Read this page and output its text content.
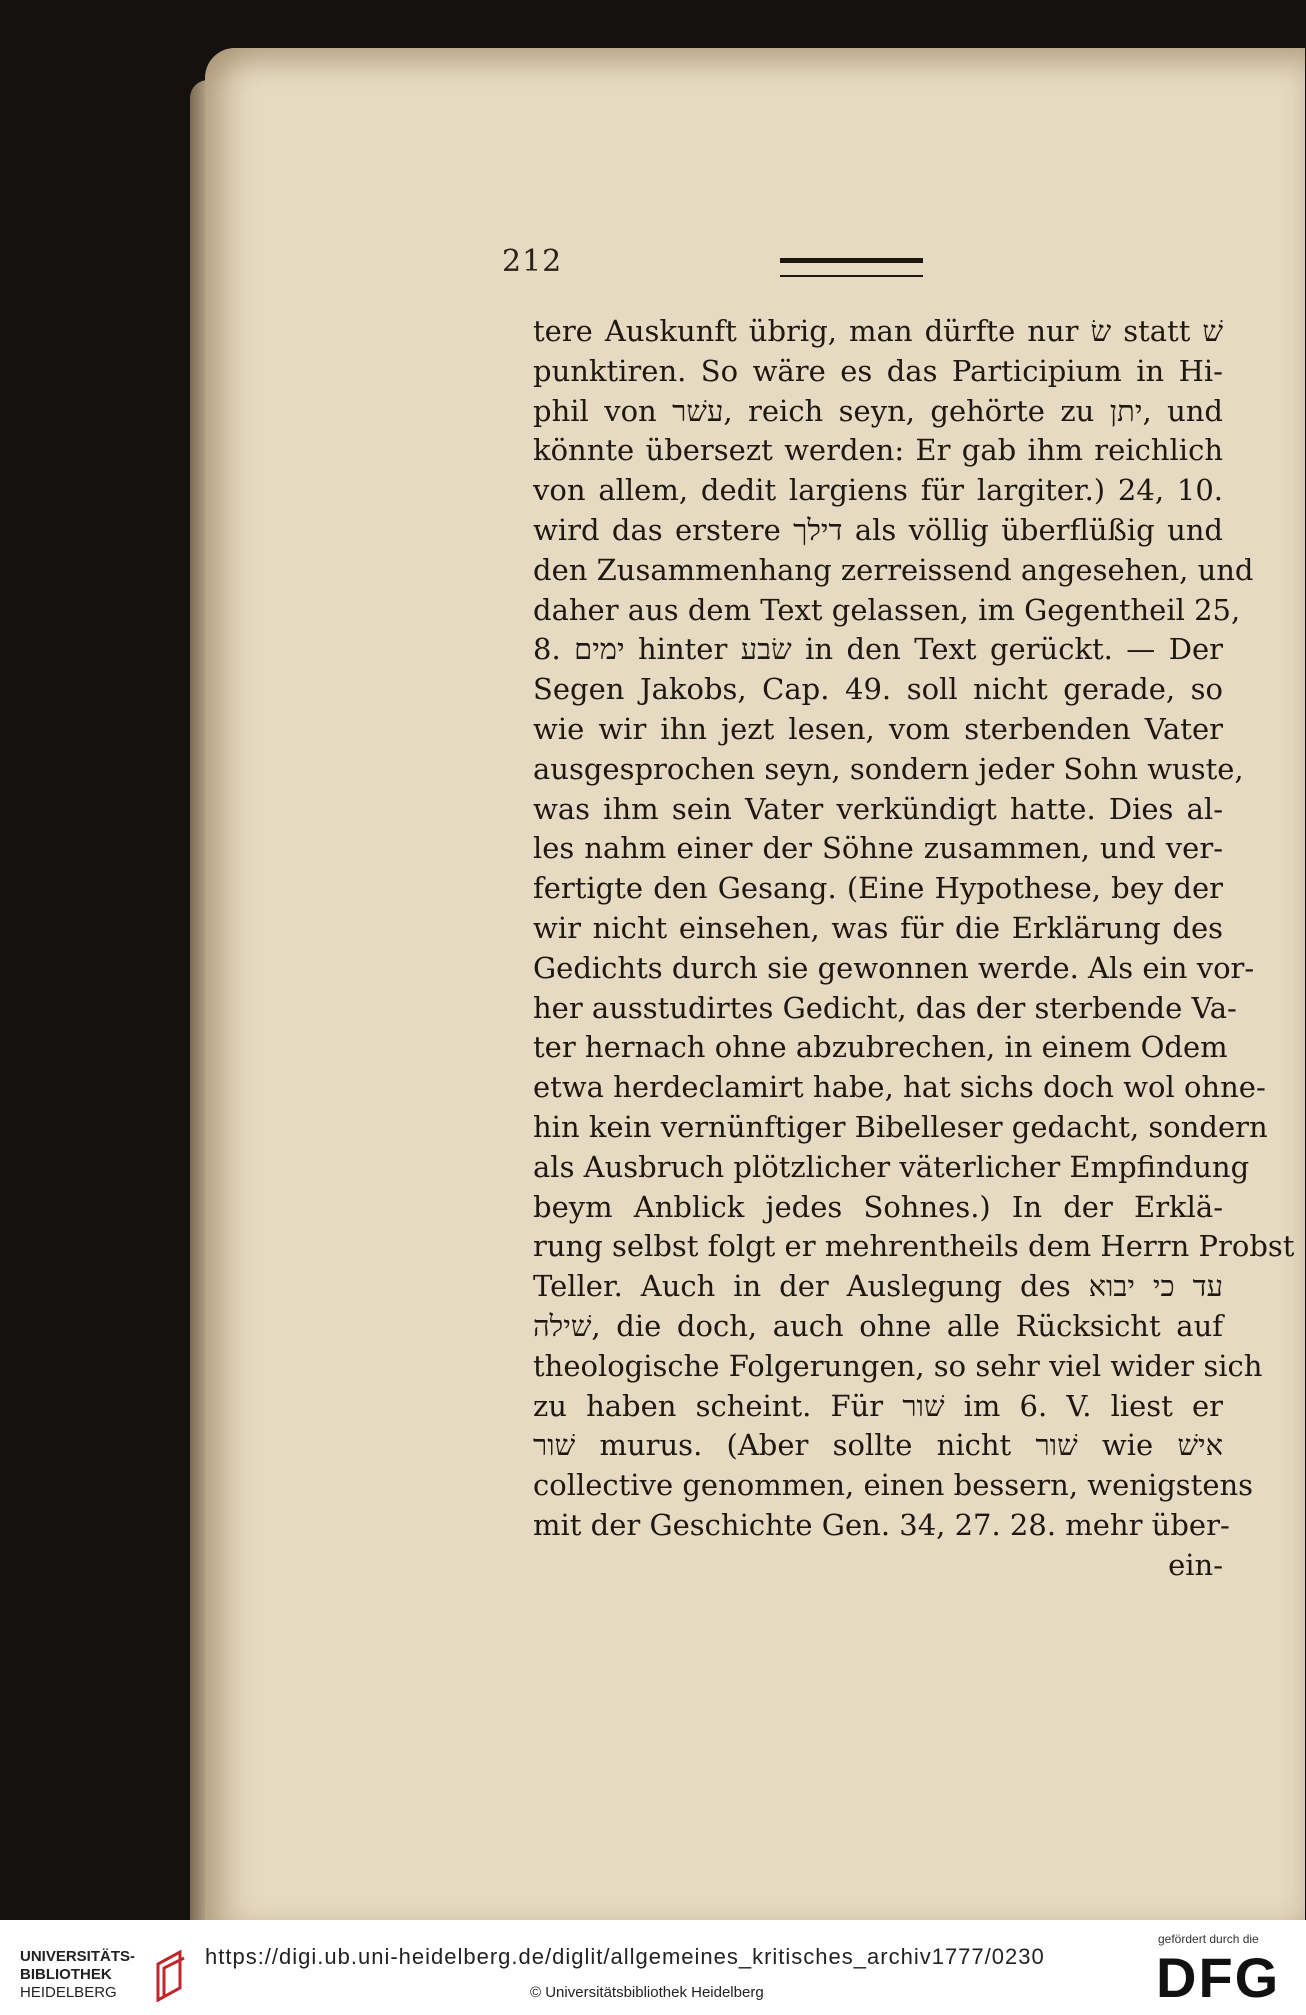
212
tere Auskunft übrig, man dürfte nur שׂ statt שׁ
punktiren. So wäre es das Participium in Hi-
phil von עשׁר, reich seyn, gehörte zu יתן, und
könnte übersezt werden: Er gab ihm reichlich
von allem, dedit largiens für largiter.) 24, 10.
wird das erstere דילך als völlig überflüßig und
den Zusammenhang zerreissend angesehen, und
daher aus dem Text gelassen, im Gegentheil 25,
8. ימים hinter שׂבע in den Text gerückt. — Der
Segen Jakobs, Cap. 49. soll nicht gerade, so
wie wir ihn jezt lesen, vom sterbenden Vater
ausgesprochen seyn, sondern jeder Sohn wuste,
was ihm sein Vater verkündigt hatte. Dies al-
les nahm einer der Söhne zusammen, und ver-
fertigte den Gesang. (Eine Hypothese, bey der
wir nicht einsehen, was für die Erklärung des
Gedichts durch sie gewonnen werde. Als ein vor-
her ausstudirtes Gedicht, das der sterbende Va-
ter hernach ohne abzubrechen, in einem Odem
etwa herdeclamirt habe, hat sichs doch wol ohne-
hin kein vernünftiger Bibelleser gedacht, sondern
als Ausbruch plötzlicher väterlicher Empfindung
beym Anblick jedes Sohnes.) In der Erklä-
rung selbst folgt er mehrentheils dem Herrn Probst
Teller. Auch in der Auslegung des עד כי יבוא
שׁילה, die doch, auch ohne alle Rücksicht auf
theologische Folgerungen, so sehr viel wider sich
zu haben scheint. Für שׁור im 6. V. liest er
שׁור murus. (Aber sollte nicht שׁור wie אישׁ
collective genommen, einen bessern, wenigstens
mit der Geschichte Gen. 34, 27. 28. mehr über-
ein-
UNIVERSITÄTS-
BIBLIOTHEK
HEIDELBERG
https://digi.ub.uni-heidelberg.de/diglit/allgemeines_kritisches_archiv1777/0230
© Universitätsbibliothek Heidelberg
gefördert durch die
DFG
